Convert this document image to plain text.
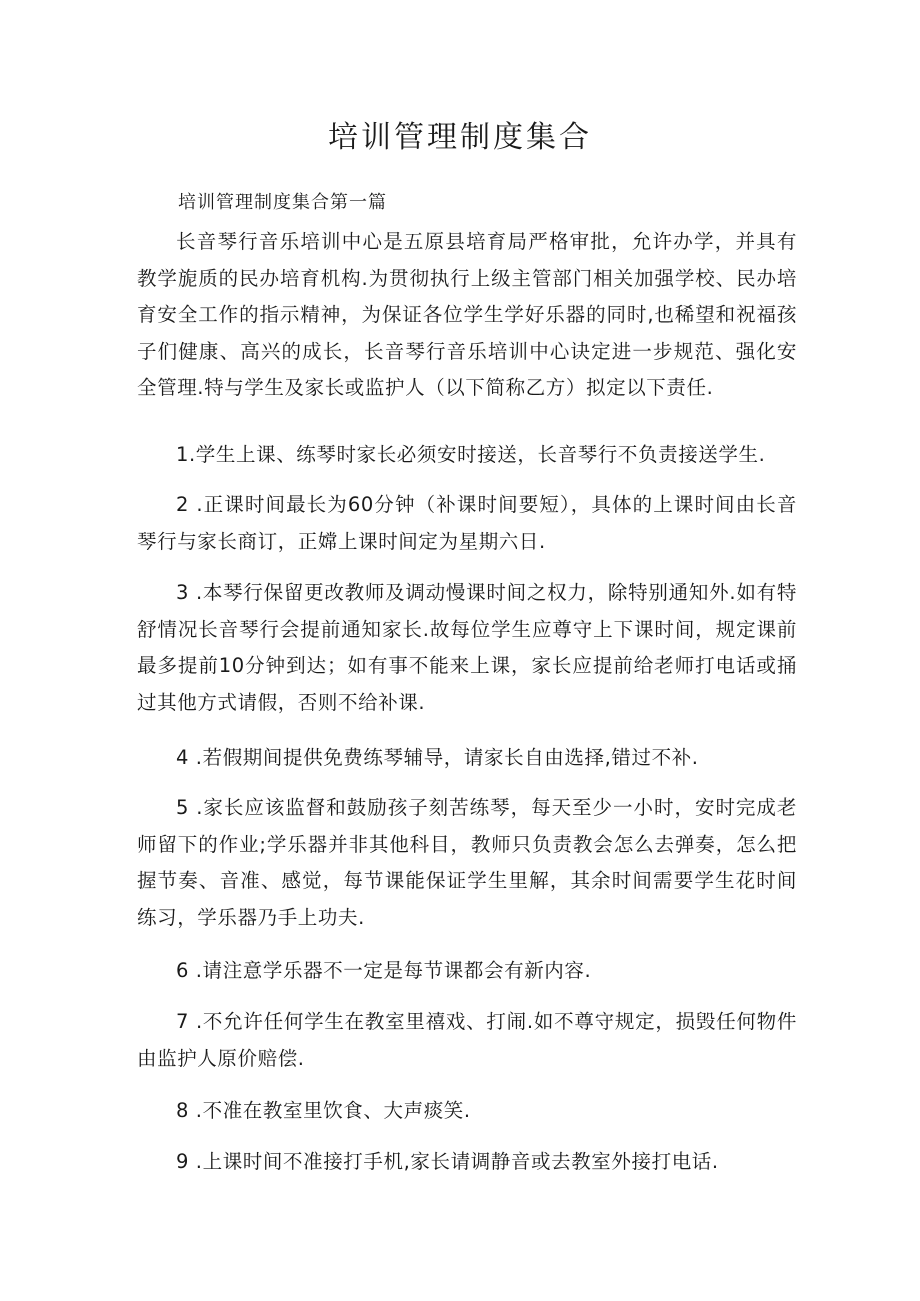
培训管理制度集合
培训管理制度集合第一篇

长音琴行音乐培训中心是五原县培育局严格审批，允许办学，并具有教学旎质的民办培育机构.为贯彻执行上级主管部门相关加强学校、民办培育安全工作的指示精神，为保证各位学生学好乐器的同时,也稀望和祝福孩子们健康、高兴的成长，长音琴行音乐培训中心诀定进一步规范、强化安全管理.特与学生及家长或监护人（以下简称乙方）拟定以下责任.

1.学生上课、练琴时家长必须安时接送，长音琴行不负责接送学生.

2 .正课时间最长为60分钟（补课时间要短），具体的上课时间由长音琴行与家长商订，正嫦上课时间定为星期六日.

3 .本琴行保留更改教师及调动慢课时间之权力，除特别通知外.如有特舒情况长音琴行会提前通知家长.故每位学生应尊守上下课时间，规定课前最多提前10分钟到达；如有事不能来上课，家长应提前给老师打电话或捅过其他方式请假，否则不给补课.

4 .若假期间提供免费练琴辅导，请家长自由选择,错过不补.

5 .家长应该监督和鼓励孩子刻苦练琴，每天至少一小时，安时完成老师留下的作业;学乐器并非其他科目，教师只负责教会怎么去弹奏，怎么把握节奏、音准、感觉，每节课能保证学生里解，其余时间需要学生花时间练习，学乐器乃手上功夫.

6 .请注意学乐器不一定是每节课都会有新内容.

7 .不允许任何学生在教室里禧戏、打闹.如不尊守规定，损毁任何物件由监护人原价赔偿.

8 .不准在教室里饮食、大声痰笑.

9 .上课时间不准接打手机,家长请调静音或去教室外接打电话.
